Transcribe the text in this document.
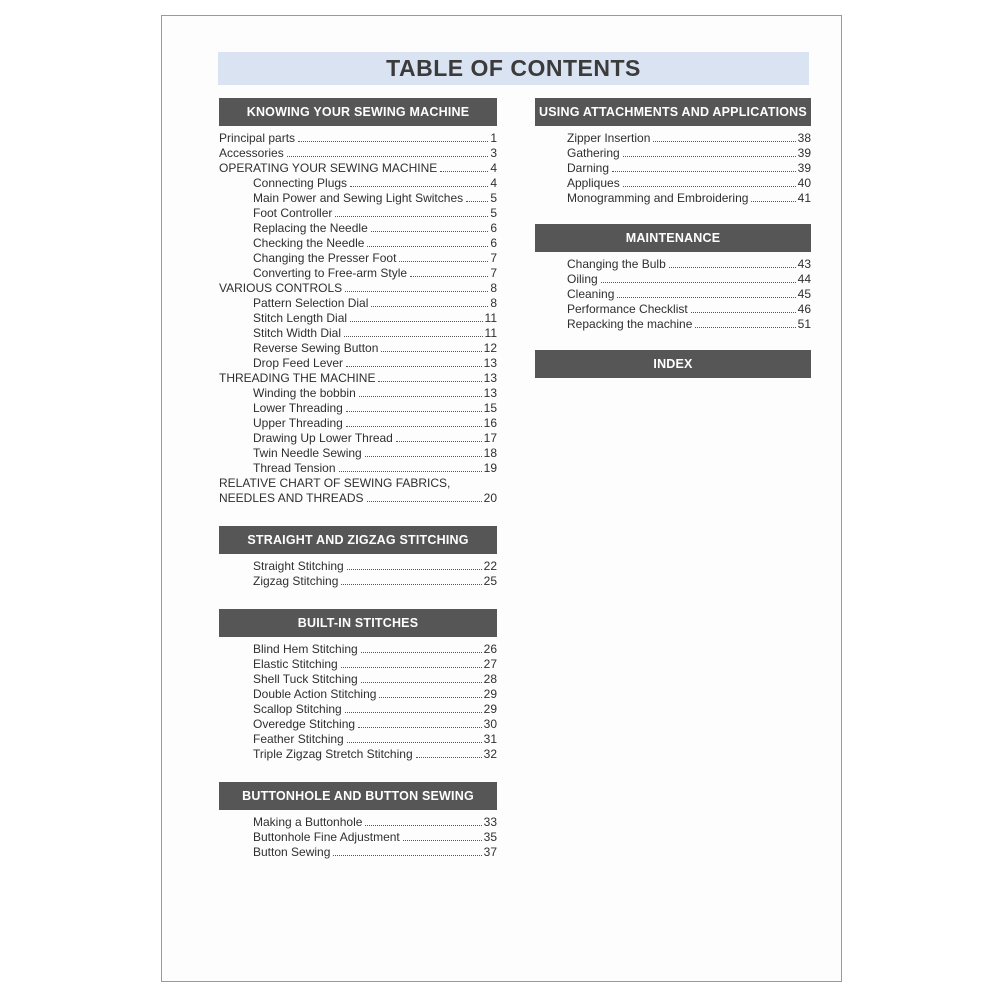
TABLE OF CONTENTS
KNOWING YOUR SEWING MACHINE
Principal parts	1
Accessories	3
OPERATING YOUR SEWING MACHINE	4
Connecting Plugs	4
Main Power and Sewing Light Switches 5
Foot Controller	5
Replacing the Needle	6
Checking the Needle	6
Changing the Presser Foot	7
Converting to Free-arm Style	7
VARIOUS CONTROLS	8
Pattern Selection Dial	8
Stitch Length Dial	11
Stitch Width Dial	11
Reverse Sewing Button	12
Drop Feed Lever	13
THREADING THE MACHINE	13
Winding the bobbin	13
Lower Threading	15
Upper Threading	16
Drawing Up Lower Thread	17
Twin Needle Sewing	18
Thread Tension	19
RELATIVE CHART OF SEWING FABRICS,
NEEDLES AND THREADS	20
STRAIGHT AND ZIGZAG STITCHING
Straight Stitching	22
Zigzag Stitching	25
BUILT-IN STITCHES
Blind Hem Stitching	26
Elastic Stitching	27
Shell Tuck Stitching	28
Double Action Stitching	29
Scallop Stitching	29
Overedge Stitching	30
Feather Stitching	31
Triple Zigzag Stretch Stitching	32
BUTTONHOLE AND BUTTON SEWING
Making a Buttonhole	33
Buttonhole Fine Adjustment	35
Button Sewing	37
USING ATTACHMENTS AND APPLICATIONS
Zipper Insertion	38
Gathering	39
Darning	39
Appliques	40
Monogramming and Embroidering	41
MAINTENANCE
Changing the Bulb	43
Oiling	44
Cleaning	45
Performance Checklist	46
Repacking the machine	51
INDEX
